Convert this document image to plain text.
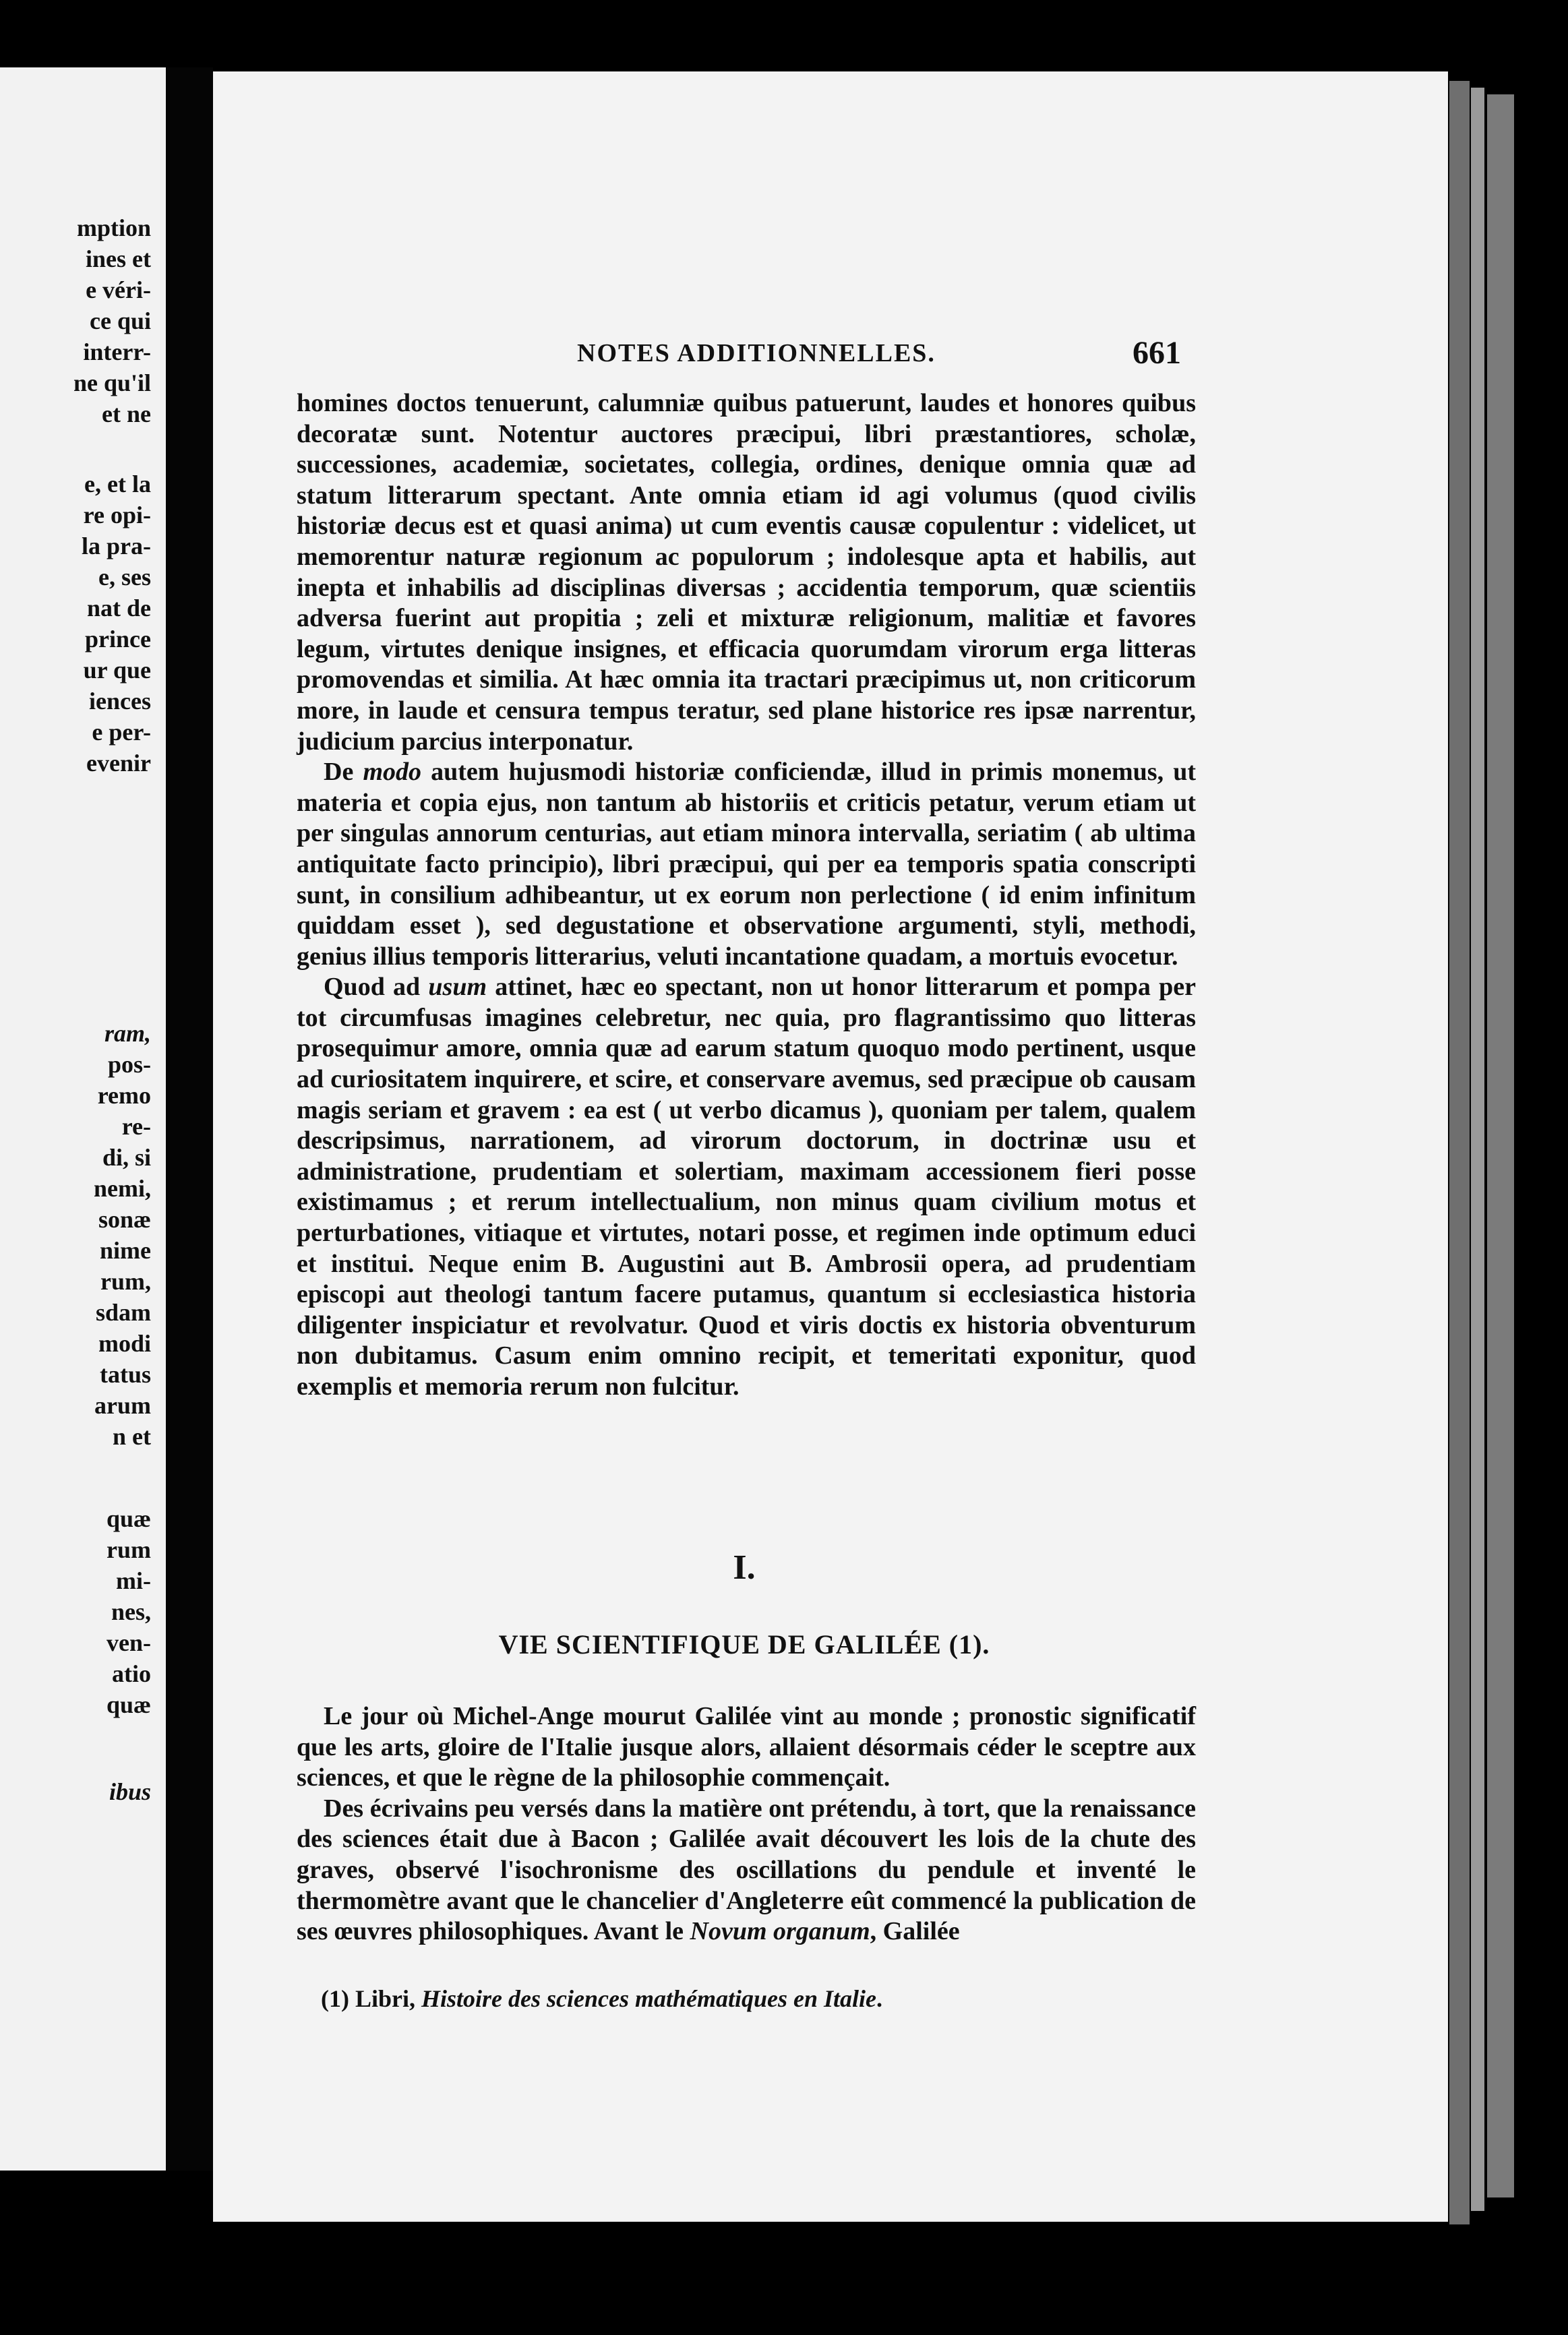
mption
ines et
e véri-
ce qui
interr-
ne qu'il
et ne
e, et la
re opi-
la pra-
e, ses
nat de
prince
ur que
iences
e per-
evenir
ram,
pos-
remo
re-
di, si
nemi,
sonæ
nime
rum,
sdam
modi
tatus
arum
n et
quæ
rum
mi-
nes,
ven-
atio
quæ
ibus
NOTES ADDITIONNELLES.	661

homines doctos tenuerunt, calumniæ quibus patuerunt, laudes et honores quibus decoratæ sunt. Notentur auctores præcipui, libri præstantiores, scholæ, successiones, academiæ, societates, collegia, ordines, denique omnia quæ ad statum litterarum spectant. Ante omnia etiam id agi volumus (quod civilis historiæ decus est et quasi anima) ut cum eventis causæ copulentur : videlicet, ut memorentur naturæ regionum ac populorum ; indolesque apta et habilis, aut inepta et inhabilis ad disciplinas diversas ; accidentia temporum, quæ scientiis adversa fuerint aut propitia ; zeli et mixturæ religionum, malitiæ et favores legum, virtutes denique insignes, et efficacia quorumdam virorum erga litteras promovendas et similia. At hæc omnia ita tractari præcipimus ut, non criticorum more, in laude et censura tempus teratur, sed plane historice res ipsæ narrentur, judicium parcius interponatur.

De modo autem hujusmodi historiæ conficiendæ, illud in primis monemus, ut materia et copia ejus, non tantum ab historiis et criticis petatur, verum etiam ut per singulas annorum centurias, aut etiam minora intervalla, seriatim ( ab ultima antiquitate facto principio), libri præcipui, qui per ea temporis spatia conscripti sunt, in consilium adhibeantur, ut ex eorum non perlectione ( id enim infinitum quiddam esset ), sed degustatione et observatione argumenti, styli, methodi, genius illius temporis litterarius, veluti incantatione quadam, a mortuis evocetur.

Quod ad usum attinet, hæc eo spectant, non ut honor litterarum et pompa per tot circumfusas imagines celebretur, nec quia, pro flagrantissimo quo litteras prosequimur amore, omnia quæ ad earum statum quoquo modo pertinent, usque ad curiositatem inquirere, et scire, et conservare avemus, sed præcipue ob causam magis seriam et gravem : ea est ( ut verbo dicamus ), quoniam per talem, qualem descripsimus, narrationem, ad virorum doctorum, in doctrinæ usu et administratione, prudentiam et solertiam, maximam accessionem fieri posse existimamus ; et rerum intellectualium, non minus quam civilium motus et perturbationes, vitiaque et virtutes, notari posse, et regimen inde optimum educi et institui. Neque enim B. Augustini aut B. Ambrosii opera, ad prudentiam episcopi aut theologi tantum facere putamus, quantum si ecclesiastica historia diligenter inspiciatur et revolvatur. Quod et viris doctis ex historia obventurum non dubitamus. Casum enim omnino recipit, et temeritati exponitur, quod exemplis et memoria rerum non fulcitur.

I.
VIE SCIENTIFIQUE DE GALILÉE (1).

Le jour où Michel-Ange mourut Galilée vint au monde ; pronostic significatif que les arts, gloire de l'Italie jusque alors, allaient désormais céder le sceptre aux sciences, et que le règne de la philosophie commençait.

Des écrivains peu versés dans la matière ont prétendu, à tort, que la renaissance des sciences était due à Bacon ; Galilée avait découvert les lois de la chute des graves, observé l'isochronisme des oscillations du pendule et inventé le thermomètre avant que le chancelier d'Angleterre eût commencé la publication de ses œuvres philosophiques. Avant le Novum organum, Galilée

(1) Libri, Histoire des sciences mathématiques en Italie.
